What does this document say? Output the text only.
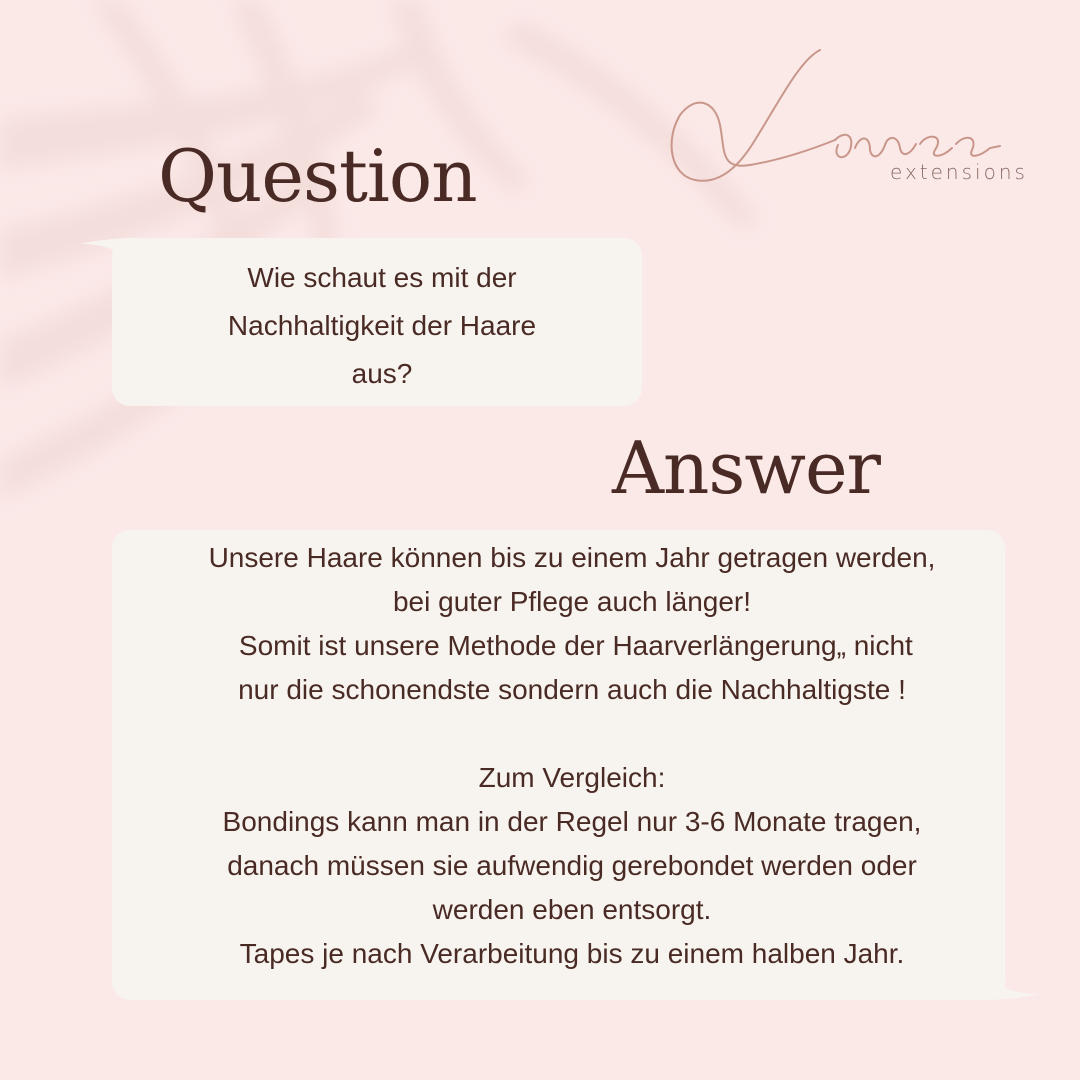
extensions
Question
Wie schaut es mit der
Nachhaltigkeit der Haare
aus?
Answer
Unsere Haare können bis zu einem Jahr getragen werden,
bei guter Pflege auch länger!
Somit ist unsere Methode der Haarverlängerung„ nicht
nur die schonendste sondern auch die Nachhaltigste !

Zum Vergleich:
Bondings kann man in der Regel nur 3-6 Monate tragen,
danach müssen sie aufwendig gerebondet werden oder
werden eben entsorgt.
Tapes je nach Verarbeitung bis zu einem halben Jahr.
